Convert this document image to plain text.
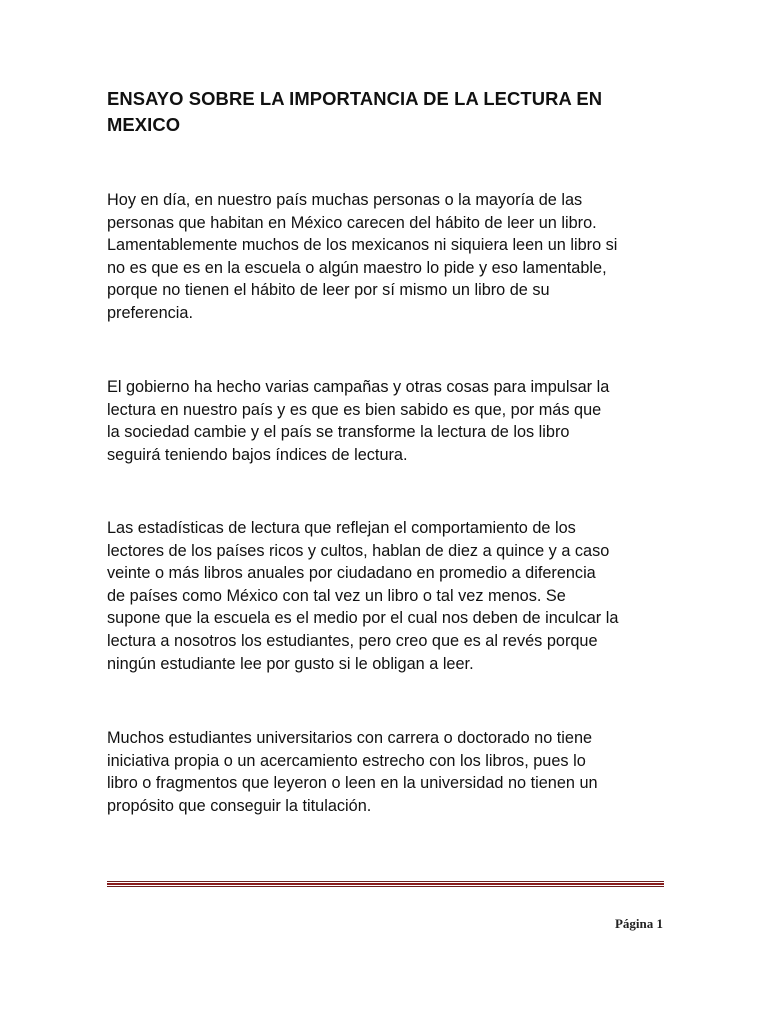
ENSAYO SOBRE LA IMPORTANCIA DE LA LECTURA EN MEXICO

Hoy en día, en nuestro país muchas personas o la mayoría de las
personas que habitan en México carecen del hábito de leer un libro.
Lamentablemente muchos de los mexicanos ni siquiera leen un libro si
no es que es en la escuela o algún maestro lo pide y eso lamentable,
porque no tienen el hábito de leer por sí mismo un libro de su
preferencia.

El gobierno ha hecho varias campañas y otras cosas para impulsar la
lectura en nuestro país y es que es bien sabido es que, por más que
la sociedad cambie y el país se transforme la lectura de los libro
seguirá teniendo bajos índices de lectura.

Las estadísticas de lectura que reflejan el comportamiento de los
lectores de los países ricos y cultos, hablan de diez a quince y a caso
veinte o más libros anuales por ciudadano en promedio a diferencia
de países como México con tal vez un libro o tal vez menos. Se
supone que la escuela es el medio por el cual nos deben de inculcar la
lectura a nosotros los estudiantes, pero creo que es al revés porque
ningún estudiante lee por gusto si le obligan a leer.

Muchos estudiantes universitarios con carrera o doctorado no tiene
iniciativa propia o un acercamiento estrecho con los libros, pues lo
libro o fragmentos que leyeron o leen en la universidad no tienen un
propósito que conseguir la titulación.

Página 1
